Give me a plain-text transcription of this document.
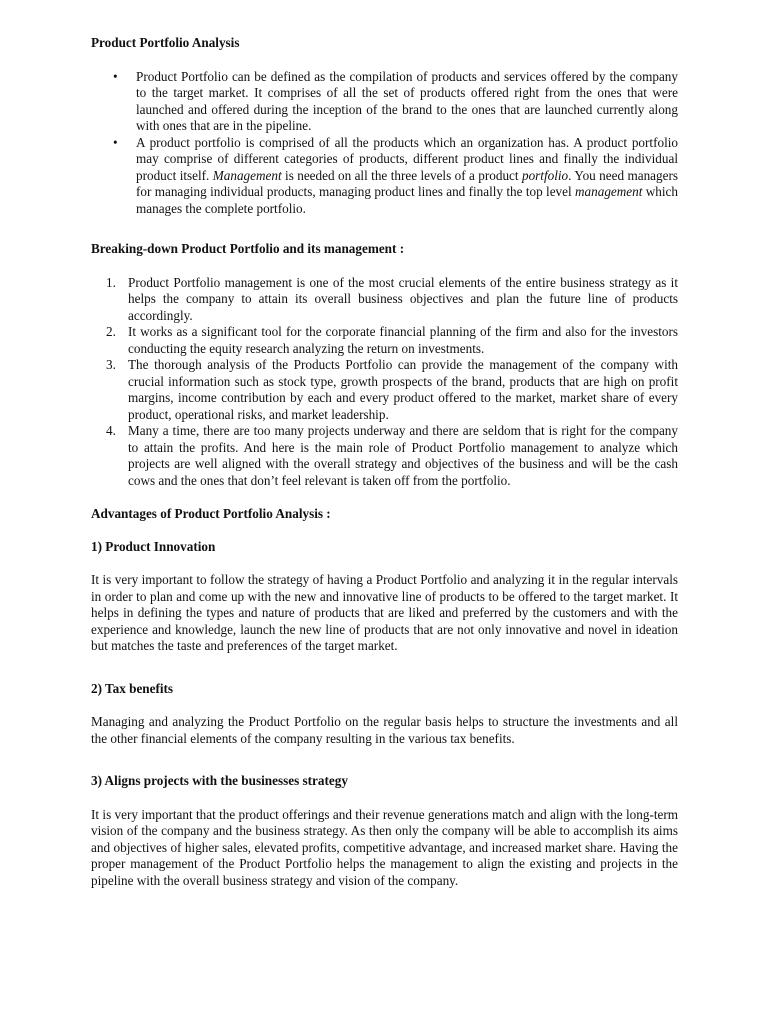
Product Portfolio Analysis

• Product Portfolio can be defined as the compilation of products and services offered by the company to the target market. It comprises of all the set of products offered right from the ones that were launched and offered during the inception of the brand to the ones that are launched currently along with ones that are in the pipeline.
• A product portfolio is comprised of all the products which an organization has. A product portfolio may comprise of different categories of products, different product lines and finally the individual product itself. Management is needed on all the three levels of a product portfolio. You need managers for managing individual products, managing product lines and finally the top level management which manages the complete portfolio.

Breaking-down Product Portfolio and its management :

1. Product Portfolio management is one of the most crucial elements of the entire business strategy as it helps the company to attain its overall business objectives and plan the future line of products accordingly.
2. It works as a significant tool for the corporate financial planning of the firm and also for the investors conducting the equity research analyzing the return on investments.
3. The thorough analysis of the Products Portfolio can provide the management of the company with crucial information such as stock type, growth prospects of the brand, products that are high on profit margins, income contribution by each and every product offered to the market, market share of every product, operational risks, and market leadership.
4. Many a time, there are too many projects underway and there are seldom that is right for the company to attain the profits. And here is the main role of Product Portfolio management to analyze which projects are well aligned with the overall strategy and objectives of the business and will be the cash cows and the ones that don’t feel relevant is taken off from the portfolio.

Advantages of Product Portfolio Analysis :

1) Product Innovation

It is very important to follow the strategy of having a Product Portfolio and analyzing it in the regular intervals in order to plan and come up with the new and innovative line of products to be offered to the target market. It helps in defining the types and nature of products that are liked and preferred by the customers and with the experience and knowledge, launch the new line of products that are not only innovative and novel in ideation but matches the taste and preferences of the target market.

2) Tax benefits

Managing and analyzing the Product Portfolio on the regular basis helps to structure the investments and all the other financial elements of the company resulting in the various tax benefits.

3) Aligns projects with the businesses strategy

It is very important that the product offerings and their revenue generations match and align with the long-term vision of the company and the business strategy. As then only the company will be able to accomplish its aims and objectives of higher sales, elevated profits, competitive advantage, and increased market share. Having the proper management of the Product Portfolio helps the management to align the existing and projects in the pipeline with the overall business strategy and vision of the company.
